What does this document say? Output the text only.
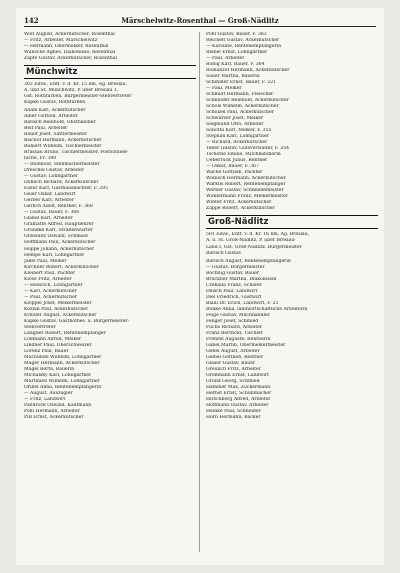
142	Märschelwitz-Rosenthal — Groß-Nädlitz
Wolf August, Ackerkutscher, Rosenthal
— Fritz, Arbeiter, Märschelwitz
— Hermann, Obermelker, Rosenthal
Wünsche Agnes, Diakonisse, Rosenthal
Zapfe Gustav, Ackerkutscher, Rosenthal
Münchwitz
302 Einw., Entf. v. d. Kr. 15 km, Ag. Breslau,
A. und St. Münchwitz, P. über Breslau 1,
Gst. Rothfürben. Bürgermeister-Stellvertreter
Kupke Gustav, Rothfürben
Adam Karl, Ackerkutscher
Adler Gottlob, Arbeiter
Barisch Reinhold, Obstbändler
Belt Paul, Arbeiter
Biniof Josef, Sattlermeister
Bischof Hermann, Ackerkutscher
Buhlert Wilhelm, Tischlermeister
Brassau Bruno, Tischlermeister, Postschließ-
fache, Fr. 390
— Reinhold, Stellmachermeister
Dreschel Gustav, Arbeiter
— Gustav, Lohngärtner
Döhlich Richard, Ackerkutscher
Eisler Karl, Gasthausbächter, F. 295
Geier Oskar, Landwirt
Gerber Karl, Arbeiter
Gerlich Adolf, Rentner, F. 368
— Gustav, Bauer, F. 366
Glaßel Karl, Arbeiter
Gramatte Alfred, Hauptlehrer
Grundke Karl, Straßenwärter
Grzesnitz Oswald, Schmied
Hoffmann Paul, Ackerkutscher
Hoppe Johann, Ackerkutscher
Hempe Karl, Lohngärtner
Jakel Paul, Melker
Kirchner Robert, Ackerkutscher
Kleinert Paul, Pächter
Klose Fritz, Arbeiter
— Heinrich, Lohngärtner
— Karl, Ackerkutscher
— Paul, Ackerkutscher
Klöppel Josef, Melkermeister
Kozian Paul, Ackerkutscher
Kritzler August, Ackerkutscher
Kupke Gustav, Gasthofbes. u. Bürgermeister-
Stellvertreter
Langner Robert, Rentenempfänger
Loßmann Alfred, Melker
Lindner Paul, Oberschweizer
Lorenz Paul, Bauer
Machunde Wilhelm, Lohngärtner
Mager Hermann, Ackerkutscher
Magel Berta, Bäuerin
Michalsky Karl, Lohngärtner
Martinien Wilhelm, Lohngärtner
Oribel Anna, Rentenempfängerin
— August, Auszügler
— Fritz, Landwirt
Pandrock Oswald, Kaufmann
Pohl Hermann, Arbeiter
Pilz Ernst, Ackerkutscher
Pohl Gustav, Bauer, F. 363
Reichelt Gustav, Ackerkutscher
— Karoline, Rentenempfängerin
Riebel Ernst, Lohngärtner
— Paul, Arbeiter
Roßig Karl, Bauer, F. 364
Romanzof Hermann, Ackerkutscher
Sauer Martha, Bäuerin
Schindler Ernst, Bauer, F. 221
— Paul, Melker
Schmidt Hermann, Fleischer
Schneider Reinhold, Ackerkutscher
Schöls Wilhelm, Ackerkutscher
Schölzel Paul, Ackerkutscher
Schwarzer Josef, Melker
Siegmund Otto, Arbeiter
Sobotta Karl, Melker, F. 355
Stephan Karl, Lohngärtner
— Richard, Ackerkutscher
Teller Gustav, Gutsverwalter, F. 254
Tschirne Emilie, Milchhändlerin
Ueberrück Julius, Rentner
— Oskar, Bauer, F. 367
Wache Gottlieb, Pächter
Wollisch Hermann, Ackerkutscher
Warkus Robert, Rentenempfänger
Werner Gustav, Schmiedemeister
Widdermann Franz, Melkermeister
Winter Fritz, Ackerkutscher
Zappe Robert, Ackerkutscher
Groß-Nädlitz
501 Einw., Entf. v. d. Kr. 16 km, Ag. Breslau,
A. u. St. Groß-Nädlitz, P. über Breslau-
Land I, Gst. Groß-Nädlitz. Bürgermeister
Barisch Gustav
Barisch August, Rentenempfängerin
— Gustav, Bürgermeister
Bochnig Gustav, Bauer
Brückner Martha, Diakonissin
Czekalla Franz, Schäfer
Deisch Paul, Landwirt
Diel Friedrich, Gastwirt
Blaul Dr. Erich, Landwirt, F. 21
Bunke Anna, landwirtschaftliche Arbeiterin
Feige Gustav, Milchhändler
Fenger Josef, Schmied
Fuchs Richard, Arbeiter
Franz Berthold, Tischler
Frenzel Auguste, Rentnerin
Gäbel Martin, Obermelkermeister
Gebel August, Arbeiter
Giebel Gottlieb, Rentner
Gläser Gustav, Bauer
Greulich Fritz, Arbeiter
Großmann Ernst, Landwirt
Grund Georg, Schmied
Hammer Max, Zuckermann
Herbst Ernst, Schuhmacher
Hirschberg Alfred, Arbeiter
Hoffmann Gustav, Arbeiter
Heinke Paul, Schneider
Horn Hermann, Bäcker
